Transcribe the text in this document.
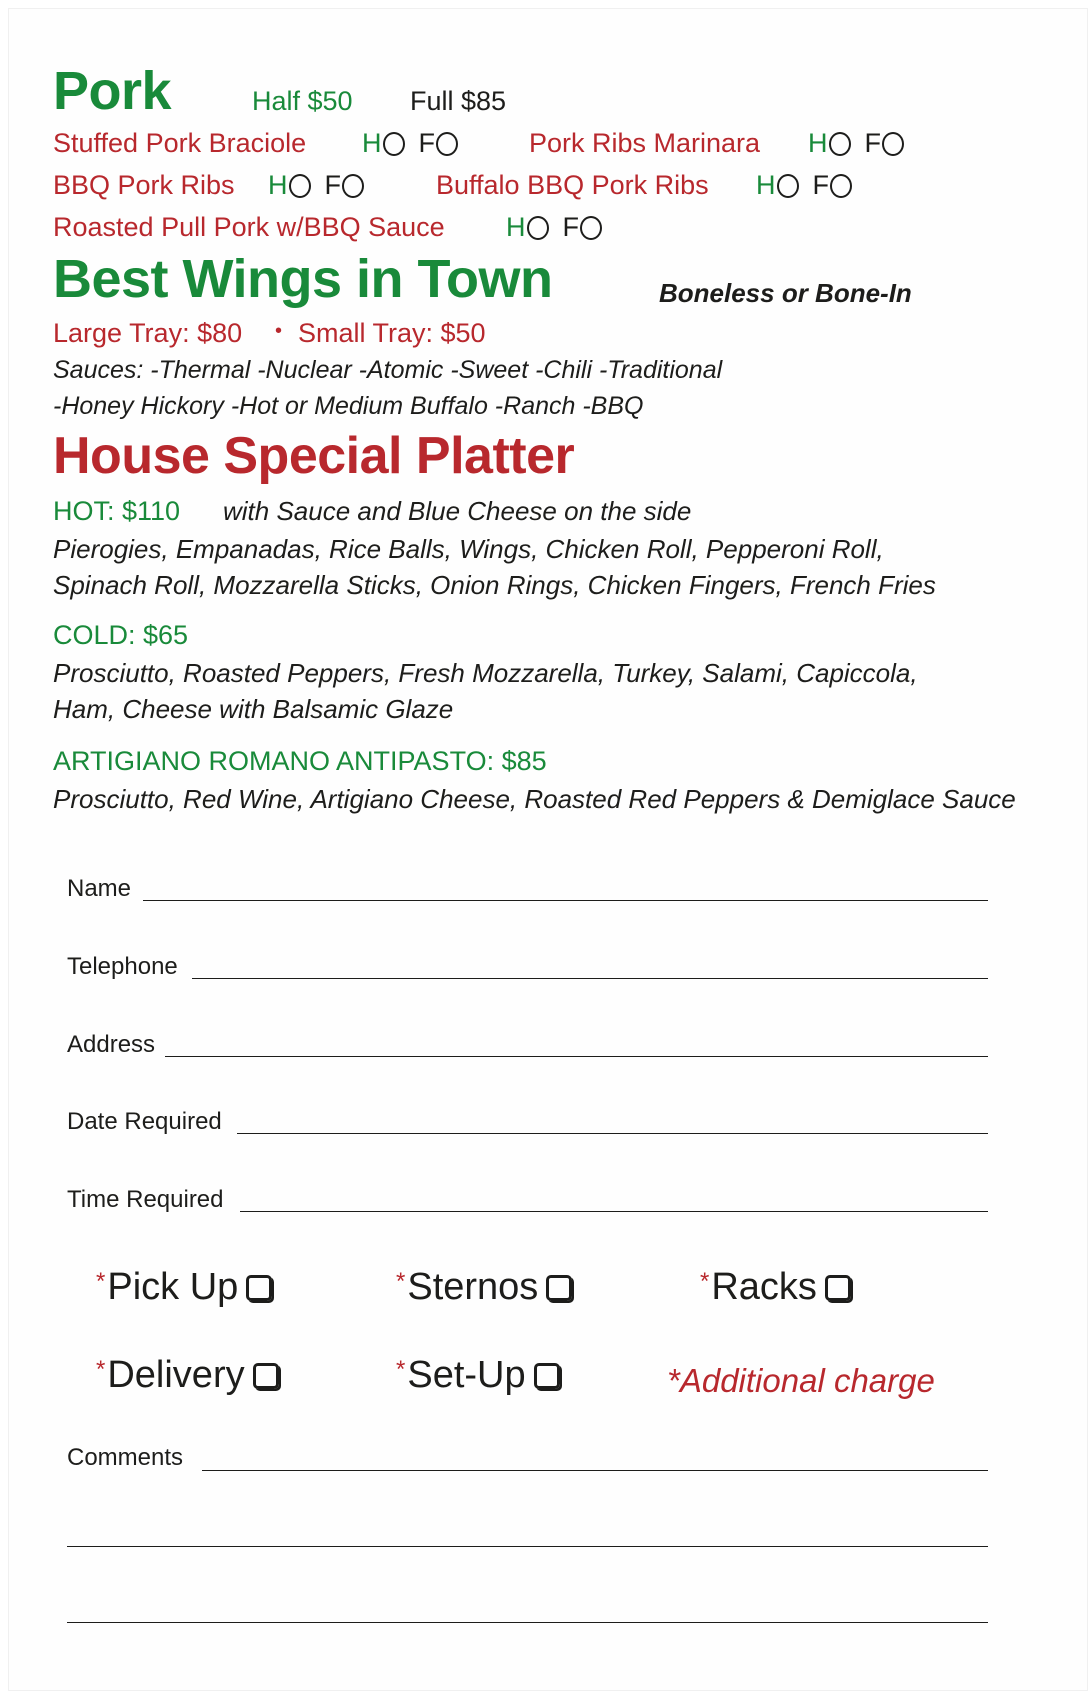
Pork	Half $50 Full $85
Stuffed Pork Braciole H F	Pork Ribs Marinara H F
BBQ Pork Ribs H F	Buffalo BBQ Pork Ribs H F
Roasted Pull Pork w/BBQ Sauce H F
Best Wings in Town	Boneless or Bone-In
Large Tray: $80 • Small Tray: $50
Sauces: -Thermal -Nuclear -Atomic -Sweet -Chili -Traditional
-Honey Hickory -Hot or Medium Buffalo -Ranch -BBQ
House Special Platter
HOT: $110 with Sauce and Blue Cheese on the side
Pierogies, Empanadas, Rice Balls, Wings, Chicken Roll, Pepperoni Roll,
Spinach Roll, Mozzarella Sticks, Onion Rings, Chicken Fingers, French Fries
COLD: $65
Prosciutto, Roasted Peppers, Fresh Mozzarella, Turkey, Salami, Capiccola,
Ham, Cheese with Balsamic Glaze
ARTIGIANO ROMANO ANTIPASTO: $85
Prosciutto, Red Wine, Artigiano Cheese, Roasted Red Peppers & Demiglace Sauce
Name
Telephone
Address
Date Required
Time Required
*Pick Up	*Sternos	*Racks
*Delivery	*Set-Up	*Additional charge
Comments
